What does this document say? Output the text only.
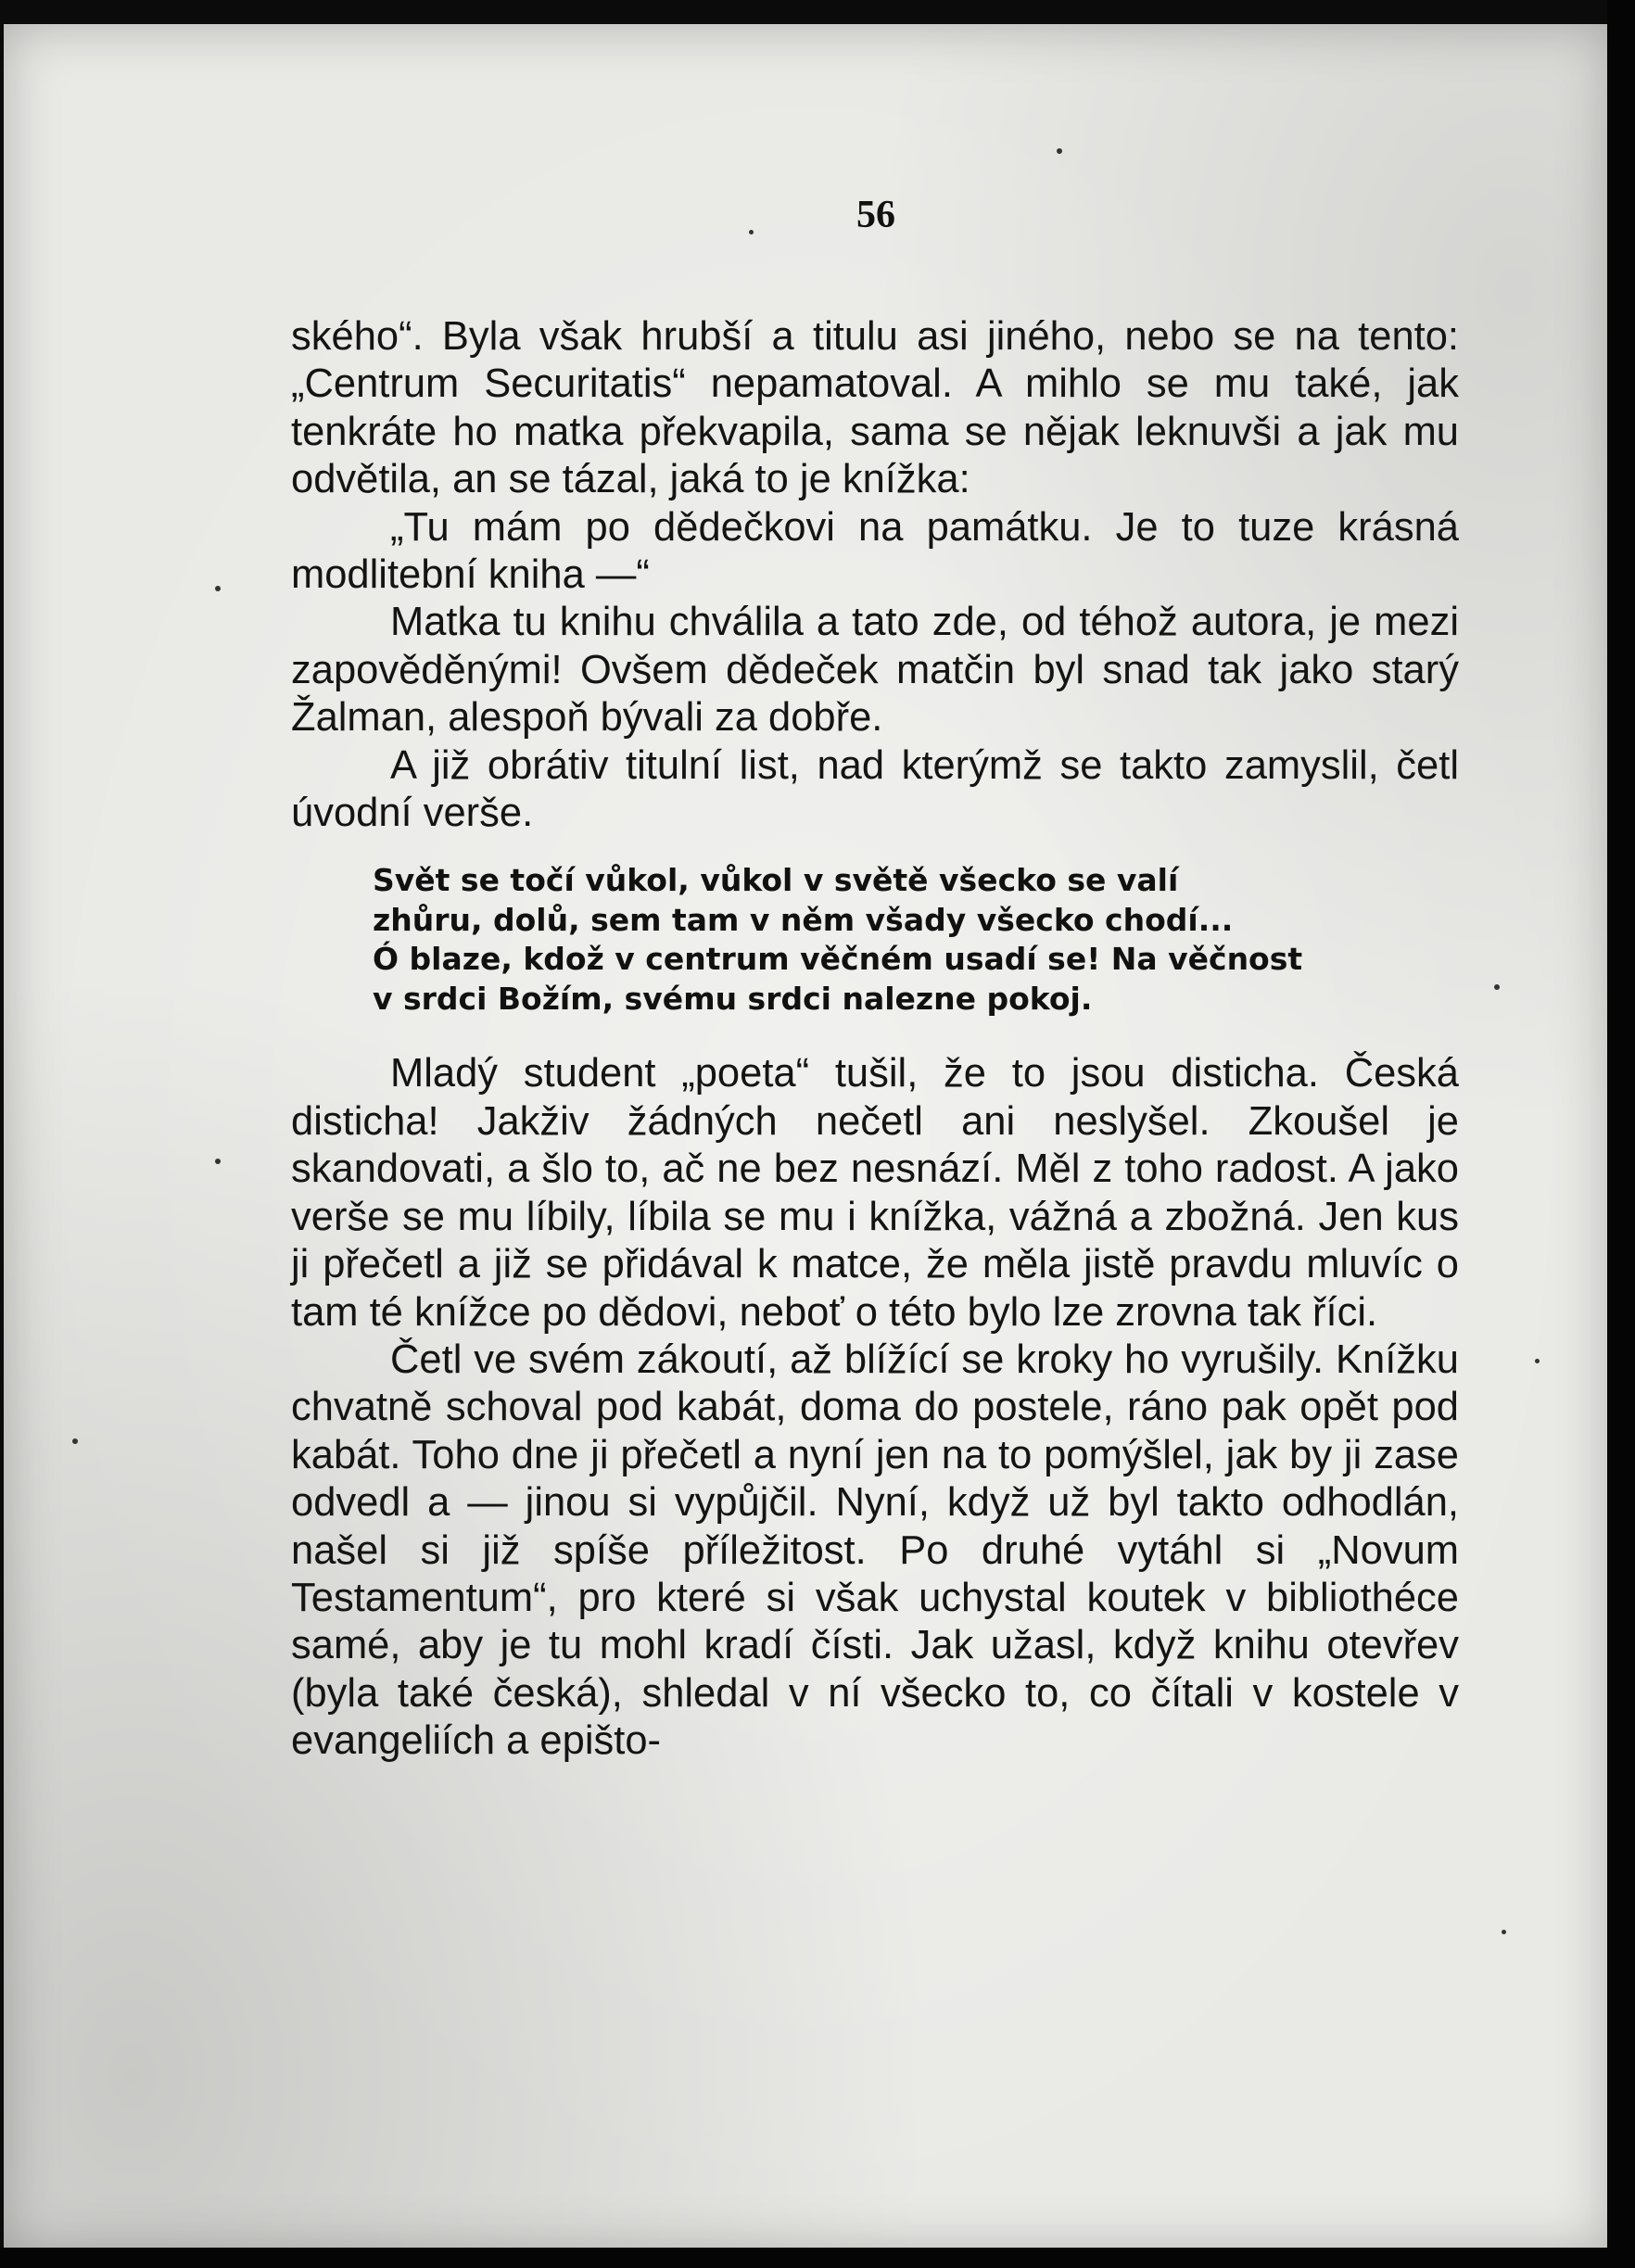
56

ského“. Byla však hrubší a titulu asi jiného, nebo se na tento: „Centrum Securitatis“ nepamatoval. A mihlo se mu také, jak tenkráte ho matka překvapila, sama se nějak leknuvši a jak mu odvětila, an se tázal, jaká to je knížka:

„Tu mám po dědečkovi na památku. Je to tuze krásná modlitební kniha —“

Matka tu knihu chválila a tato zde, od téhož autora, je mezi zapověděnými! Ovšem dědeček matčin byl snad tak jako starý Žalman, alespoň bývali za dobře.

A již obrátiv titulní list, nad kterýmž se takto zamyslil, četl úvodní verše.

Svět se točí vůkol, vůkol v světě všecko se valí
zhůru, dolů, sem tam v něm všady všecko chodí...
Ó blaze, kdož v centrum věčném usadí se! Na věčnost
v srdci Božím, svému srdci nalezne pokoj.

Mladý student „poeta“ tušil, že to jsou disticha. Česká disticha! Jakživ žádných nečetl ani neslyšel. Zkoušel je skandovati, a šlo to, ač ne bez nesnází. Měl z toho radost. A jako verše se mu líbily, líbila se mu i knížka, vážná a zbožná. Jen kus ji přečetl a již se přidával k matce, že měla jistě pravdu mluvíc o tam té knížce po dědovi, neboť o této bylo lze zrovna tak říci.

Četl ve svém zákoutí, až blížící se kroky ho vyrušily. Knížku chvatně schoval pod kabát, doma do postele, ráno pak opět pod kabát. Toho dne ji přečetl a nyní jen na to pomýšlel, jak by ji zase odvedl a — jinou si vypůjčil. Nyní, když už byl takto odhodlán, našel si již spíše příležitost. Po druhé vytáhl si „Novum Testamentum“, pro které si však uchystal koutek v bibliothéce samé, aby je tu mohl kradí čísti. Jak užasl, když knihu otevřev (byla také česká), shledal v ní všecko to, co čítali v kostele v evangeliích a epišto-
